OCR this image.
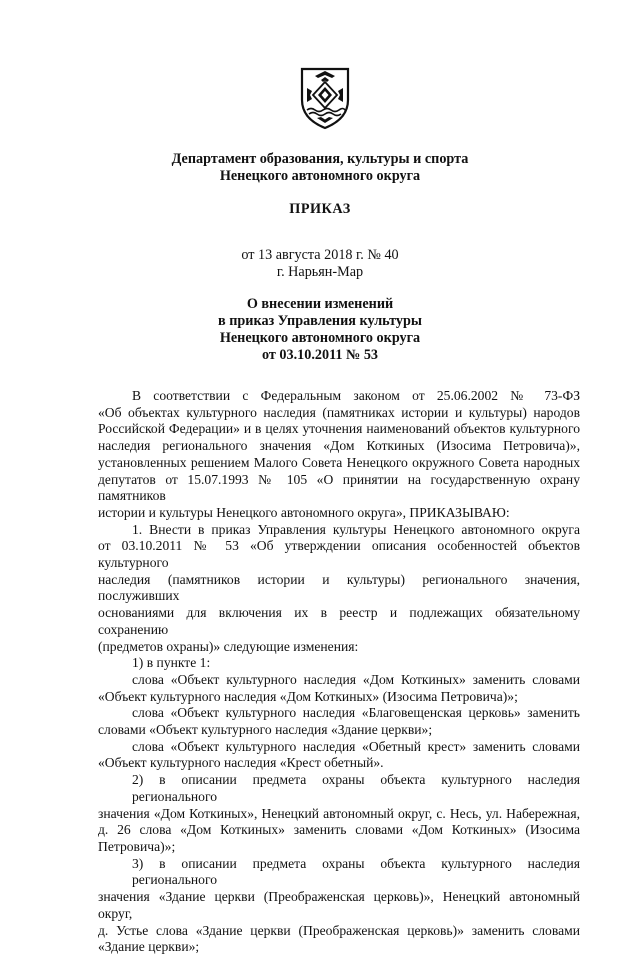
Департамент образования, культуры и спорта
Ненецкого автономного округа
ПРИКАЗ
от 13 августа 2018 г. № 40
г. Нарьян-Мар
О внесении изменений
в приказ Управления культуры
Ненецкого автономного округа
от 03.10.2011 № 53
В соответствии с Федеральным законом от 25.06.2002 № 73-ФЗ
«Об объектах культурного наследия (памятниках истории и культуры) народов
Российской Федерации» и в целях уточнения наименований объектов культурного
наследия регионального значения «Дом Коткиных (Изосима Петровича)»,
установленных решением Малого Совета Ненецкого окружного Совета народных
депутатов от 15.07.1993 № 105 «О принятии на государственную охрану памятников
истории и культуры Ненецкого автономного округа», ПРИКАЗЫВАЮ:
1. Внести в приказ Управления культуры Ненецкого автономного округа
от 03.10.2011 № 53 «Об утверждении описания особенностей объектов культурного
наследия (памятников истории и культуры) регионального значения, послуживших
основаниями для включения их в реестр и подлежащих обязательному сохранению
(предметов охраны)» следующие изменения:
1) в пункте 1:
слова «Объект культурного наследия «Дом Коткиных» заменить словами
«Объект культурного наследия «Дом Коткиных» (Изосима Петровича)»;
слова «Объект культурного наследия «Благовещенская церковь» заменить
словами «Объект культурного наследия «Здание церкви»;
слова «Объект культурного наследия «Обетный крест» заменить словами
«Объект культурного наследия «Крест обетный».
2) в описании предмета охраны объекта культурного наследия регионального
значения «Дом Коткиных», Ненецкий автономный округ, с. Несь, ул. Набережная,
д. 26 слова «Дом Коткиных» заменить словами «Дом Коткиных» (Изосима
Петровича)»;
3) в описании предмета охраны объекта культурного наследия регионального
значения «Здание церкви (Преображенская церковь)», Ненецкий автономный округ,
д. Устье слова «Здание церкви (Преображенская церковь)» заменить словами
«Здание церкви»;
